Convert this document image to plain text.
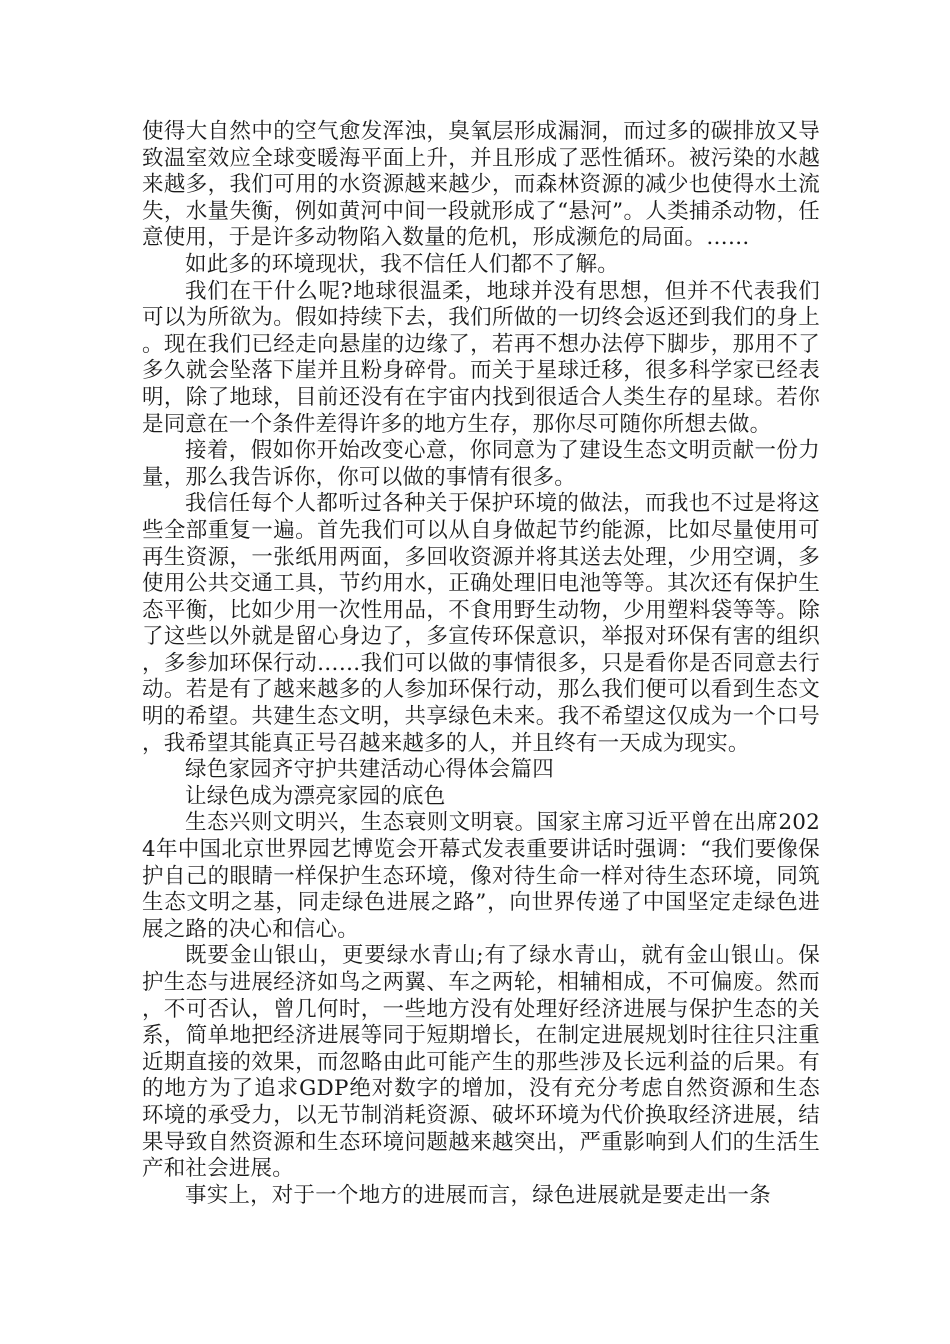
使得大自然中的空气愈发浑浊，臭氧层形成漏洞，而过多的碳排放又导致温室效应全球变暖海平面上升，并且形成了恶性循环。被污染的水越来越多，我们可用的水资源越来越少，而森林资源的减少也使得水土流失，水量失衡，例如黄河中间一段就形成了“悬河”。人类捕杀动物，任意使用，于是许多动物陷入数量的危机，形成濒危的局面。……

如此多的环境现状，我不信任人们都不了解。

我们在干什么呢?地球很温柔，地球并没有思想，但并不代表我们可以为所欲为。假如持续下去，我们所做的一切终会返还到我们的身上。现在我们已经走向悬崖的边缘了，若再不想办法停下脚步，那用不了多久就会坠落下崖并且粉身碎骨。而关于星球迁移，很多科学家已经表明，除了地球，目前还没有在宇宙内找到很适合人类生存的星球。若你是同意在一个条件差得许多的地方生存，那你尽可随你所想去做。

接着，假如你开始改变心意，你同意为了建设生态文明贡献一份力量，那么我告诉你，你可以做的事情有很多。

我信任每个人都听过各种关于保护环境的做法，而我也不过是将这些全部重复一遍。首先我们可以从自身做起节约能源，比如尽量使用可再生资源，一张纸用两面，多回收资源并将其送去处理，少用空调，多使用公共交通工具，节约用水，正确处理旧电池等等。其次还有保护生态平衡，比如少用一次性用品，不食用野生动物，少用塑料袋等等。除了这些以外就是留心身边了，多宣传环保意识，举报对环保有害的组织，多参加环保行动……我们可以做的事情很多，只是看你是否同意去行动。若是有了越来越多的人参加环保行动，那么我们便可以看到生态文明的希望。共建生态文明，共享绿色未来。我不希望这仅成为一个口号，我希望其能真正号召越来越多的人，并且终有一天成为现实。

绿色家园齐守护共建活动心得体会篇四

让绿色成为漂亮家园的底色

生态兴则文明兴，生态衰则文明衰。国家主席习近平曾在出席2024年中国北京世界园艺博览会开幕式发表重要讲话时强调：“我们要像保护自己的眼睛一样保护生态环境，像对待生命一样对待生态环境，同筑生态文明之基，同走绿色进展之路”，向世界传递了中国坚定走绿色进展之路的决心和信心。

既要金山银山，更要绿水青山;有了绿水青山，就有金山银山。保护生态与进展经济如鸟之两翼、车之两轮，相辅相成，不可偏废。然而，不可否认，曾几何时，一些地方没有处理好经济进展与保护生态的关系，简单地把经济进展等同于短期增长，在制定进展规划时往往只注重近期直接的效果，而忽略由此可能产生的那些涉及长远利益的后果。有的地方为了追求GDP绝对数字的增加，没有充分考虑自然资源和生态环境的承受力，以无节制消耗资源、破坏环境为代价换取经济进展，结果导致自然资源和生态环境问题越来越突出，严重影响到人们的生活生产和社会进展。

事实上，对于一个地方的进展而言，绿色进展就是要走出一条
